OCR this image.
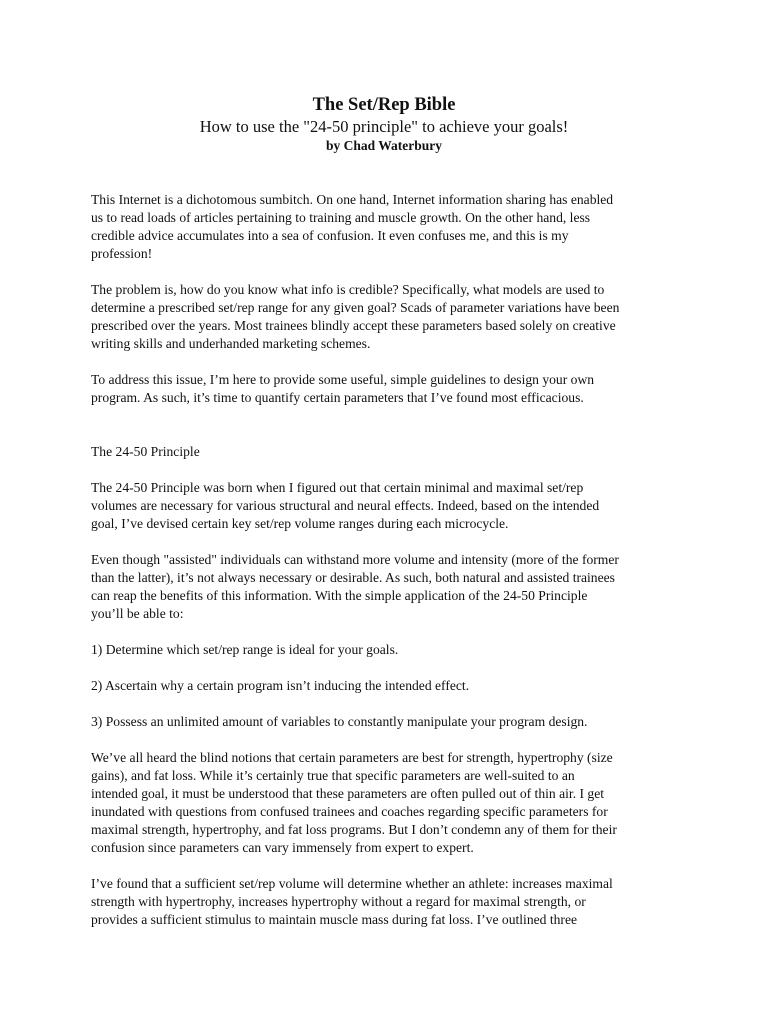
The Set/Rep Bible
How to use the "24-50 principle" to achieve your goals!
by Chad Waterbury

This Internet is a dichotomous sumbitch. On one hand, Internet information sharing has enabled
us to read loads of articles pertaining to training and muscle growth. On the other hand, less
credible advice accumulates into a sea of confusion. It even confuses me, and this is my
profession!

The problem is, how do you know what info is credible? Specifically, what models are used to
determine a prescribed set/rep range for any given goal? Scads of parameter variations have been
prescribed over the years. Most trainees blindly accept these parameters based solely on creative
writing skills and underhanded marketing schemes.

To address this issue, I’m here to provide some useful, simple guidelines to design your own
program. As such, it’s time to quantify certain parameters that I’ve found most efficacious.

The 24-50 Principle

The 24-50 Principle was born when I figured out that certain minimal and maximal set/rep
volumes are necessary for various structural and neural effects. Indeed, based on the intended
goal, I’ve devised certain key set/rep volume ranges during each microcycle.

Even though "assisted" individuals can withstand more volume and intensity (more of the former
than the latter), it’s not always necessary or desirable. As such, both natural and assisted trainees
can reap the benefits of this information. With the simple application of the 24-50 Principle
you’ll be able to:

1) Determine which set/rep range is ideal for your goals.

2) Ascertain why a certain program isn’t inducing the intended effect.

3) Possess an unlimited amount of variables to constantly manipulate your program design.

We’ve all heard the blind notions that certain parameters are best for strength, hypertrophy (size
gains), and fat loss. While it’s certainly true that specific parameters are well-suited to an
intended goal, it must be understood that these parameters are often pulled out of thin air. I get
inundated with questions from confused trainees and coaches regarding specific parameters for
maximal strength, hypertrophy, and fat loss programs. But I don’t condemn any of them for their
confusion since parameters can vary immensely from expert to expert.

I’ve found that a sufficient set/rep volume will determine whether an athlete: increases maximal
strength with hypertrophy, increases hypertrophy without a regard for maximal strength, or
provides a sufficient stimulus to maintain muscle mass during fat loss. I’ve outlined three
